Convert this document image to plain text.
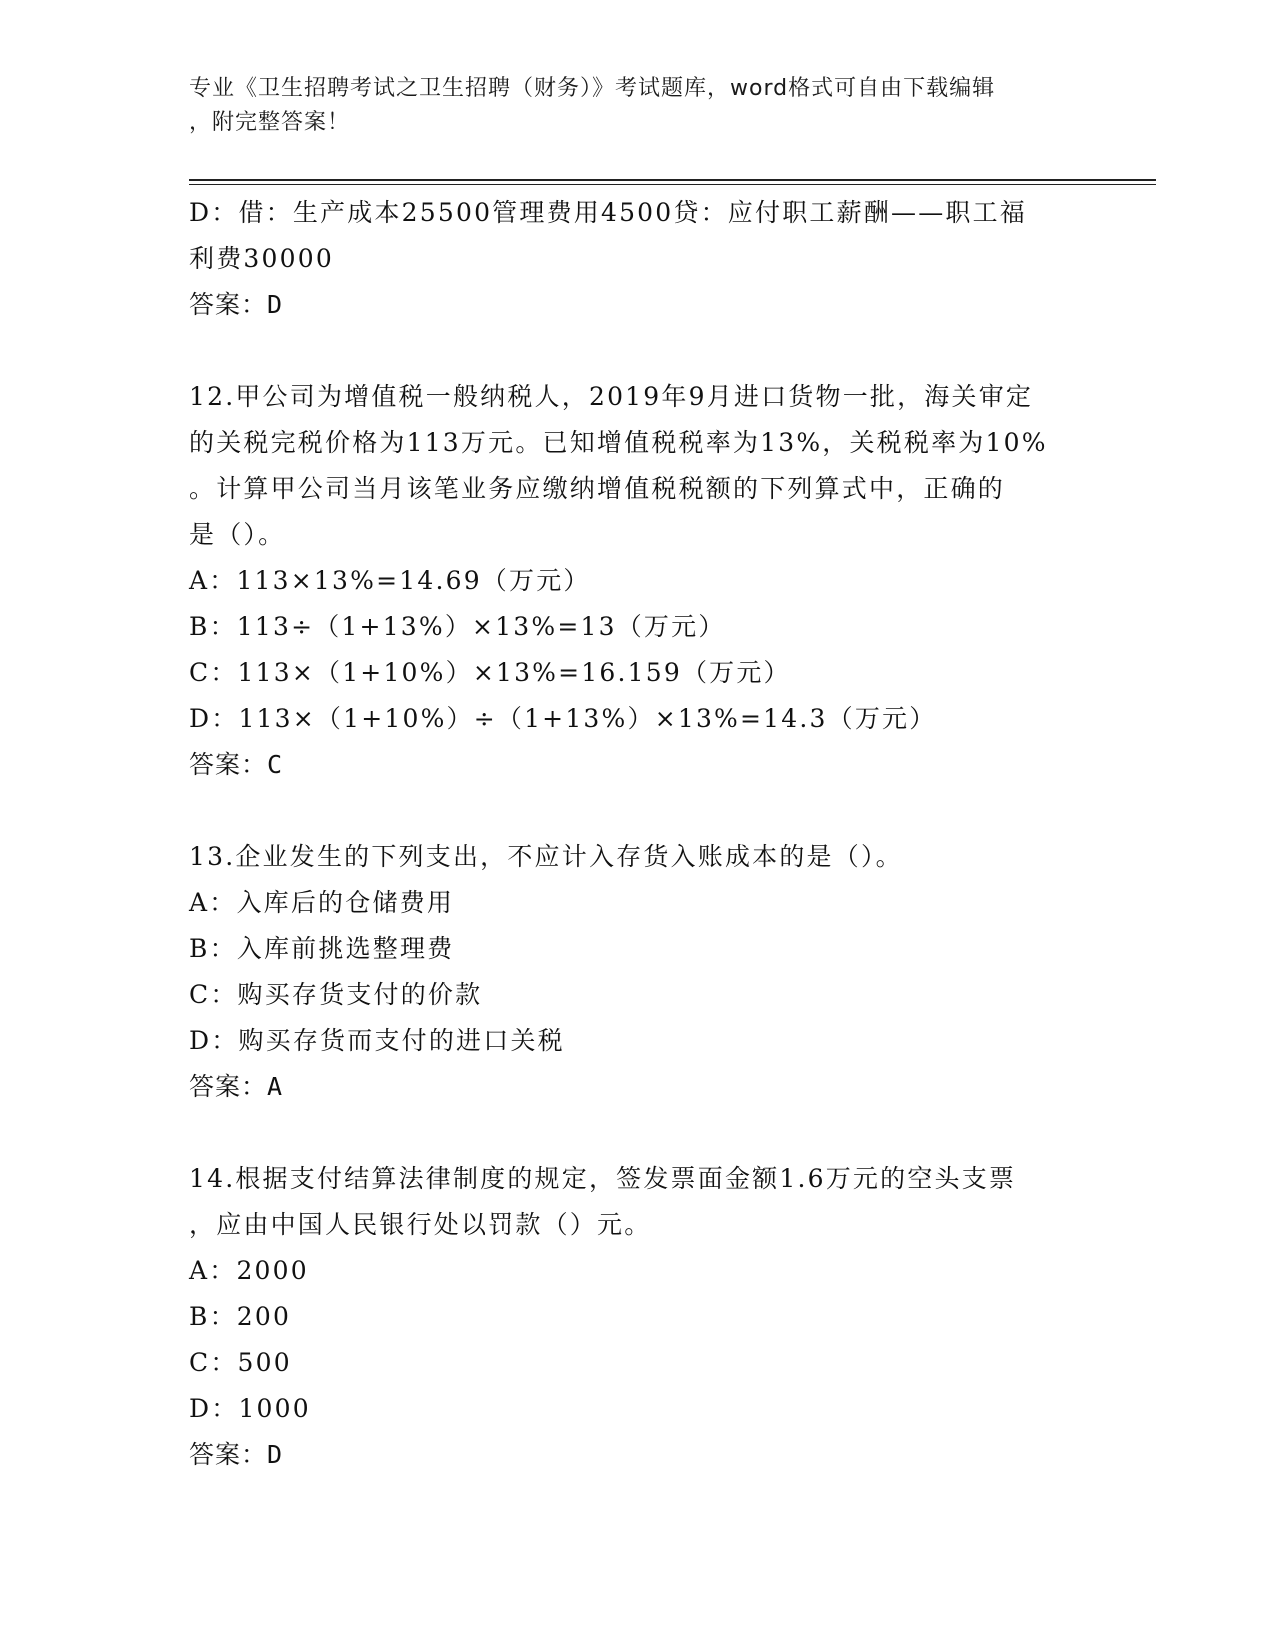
专业《卫生招聘考试之卫生招聘（财务）》考试题库，word格式可自由下载编辑
，附完整答案！
D：借：生产成本25500管理费用4500贷：应付职工薪酬——职工福
利费30000
答案：D
12.甲公司为增值税一般纳税人，2019年9月进口货物一批，海关审定
的关税完税价格为113万元。已知增值税税率为13%，关税税率为10%
。计算甲公司当月该笔业务应缴纳增值税税额的下列算式中，正确的
是（）。
A：113×13%=14.69（万元）
B：113÷（1+13%）×13%=13（万元）
C：113×（1+10%）×13%=16.159（万元）
D：113×（1+10%）÷（1+13%）×13%=14.3（万元）
答案：C
13.企业发生的下列支出，不应计入存货入账成本的是（）。
A：入库后的仓储费用
B：入库前挑选整理费
C：购买存货支付的价款
D：购买存货而支付的进口关税
答案：A
14.根据支付结算法律制度的规定，签发票面金额1.6万元的空头支票
，应由中国人民银行处以罚款（）元。
A：2000
B：200
C：500
D：1000
答案：D
